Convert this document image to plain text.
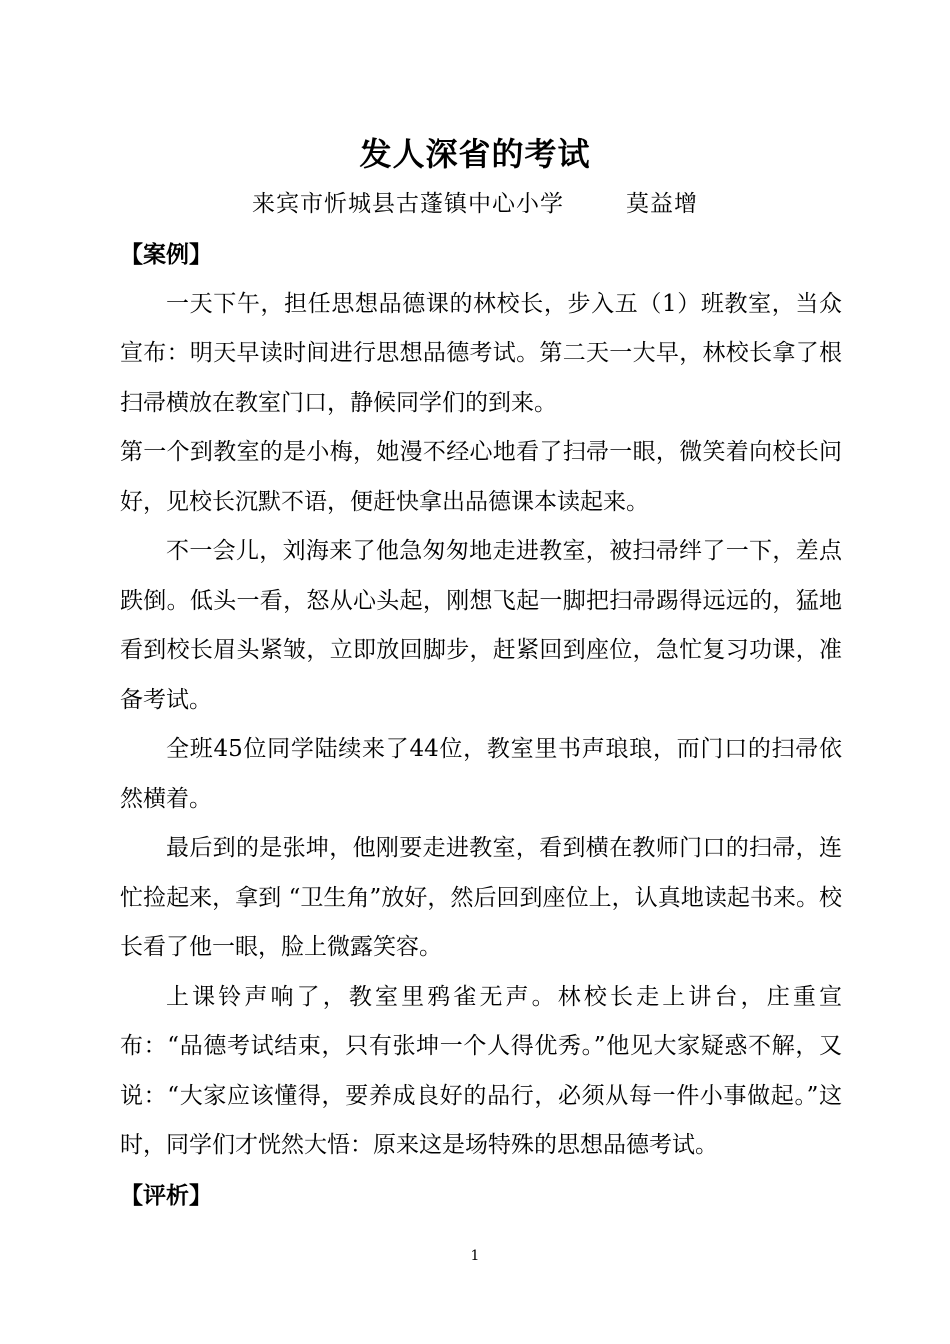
发人深省的考试
来宾市忻城县古蓬镇中心小学	莫益增

【案例】

一天下午，担任思想品德课的林校长，步入五（1）班教室，当众宣布：明天早读时间进行思想品德考试。第二天一大早，林校长拿了根扫帚横放在教室门口，静候同学们的到来。

第一个到教室的是小梅，她漫不经心地看了扫帚一眼，微笑着向校长问好，见校长沉默不语，便赶快拿出品德课本读起来。

不一会儿，刘海来了他急匆匆地走进教室，被扫帚绊了一下，差点跌倒。低头一看，怒从心头起，刚想飞起一脚把扫帚踢得远远的，猛地看到校长眉头紧皱，立即放回脚步，赶紧回到座位，急忙复习功课，准备考试。

全班45位同学陆续来了44位，教室里书声琅琅，而门口的扫帚依然横着。

最后到的是张坤，他刚要走进教室，看到横在教师门口的扫帚，连忙捡起来，拿到 “卫生角”放好，然后回到座位上，认真地读起书来。校长看了他一眼，脸上微露笑容。

上课铃声响了，教室里鸦雀无声。林校长走上讲台，庄重宣布：“品德考试结束，只有张坤一个人得优秀。”他见大家疑惑不解，又说：“大家应该懂得，要养成良好的品行，必须从每一件小事做起。”这时，同学们才恍然大悟：原来这是场特殊的思想品德考试。

【评析】

1
